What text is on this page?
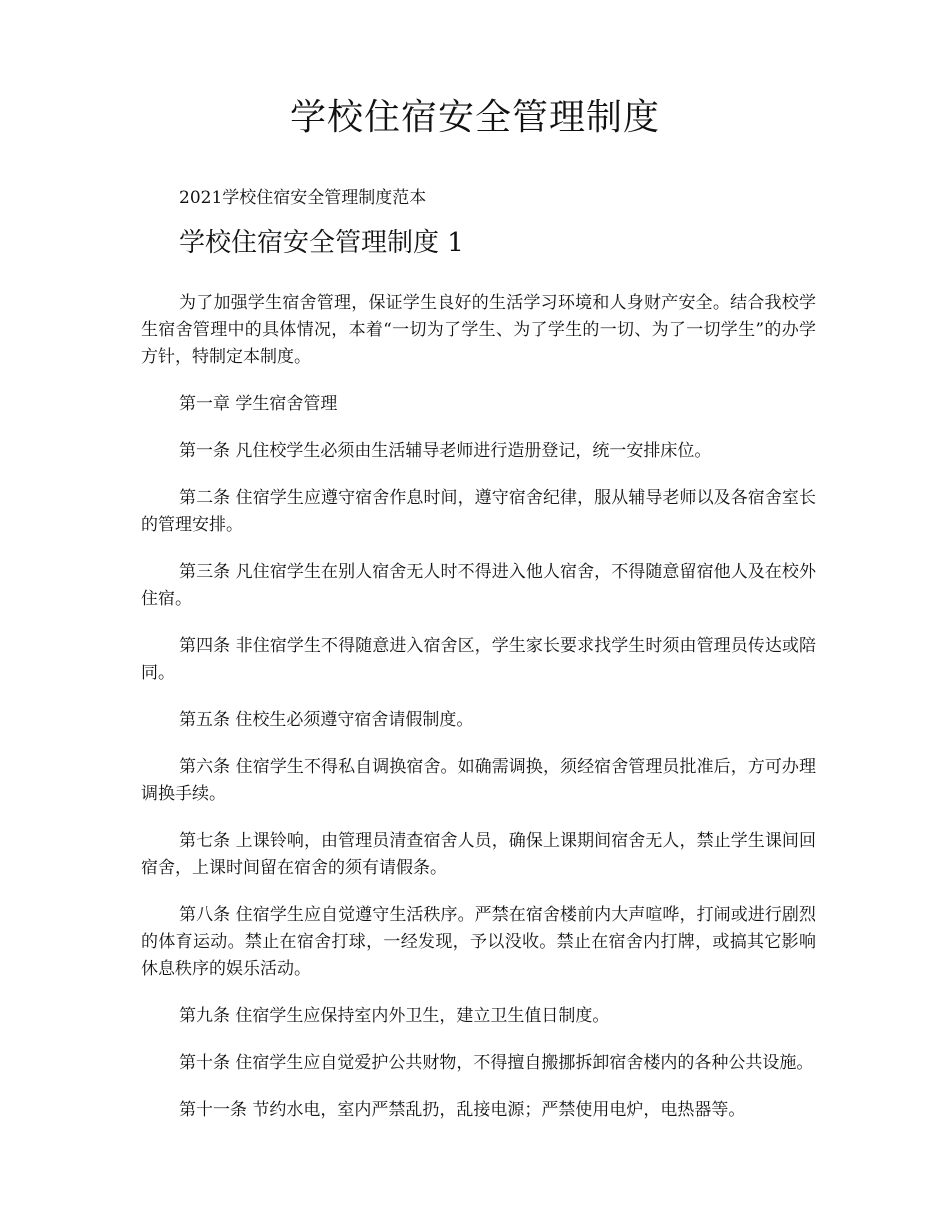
学校住宿安全管理制度

2021学校住宿安全管理制度范本

学校住宿安全管理制度 1

为了加强学生宿舍管理，保证学生良好的生活学习环境和人身财产安全。结合我校学生宿舍管理中的具体情况，本着“一切为了学生、为了学生的一切、为了一切学生”的办学方针，特制定本制度。

第一章 学生宿舍管理

第一条 凡住校学生必须由生活辅导老师进行造册登记，统一安排床位。

第二条 住宿学生应遵守宿舍作息时间，遵守宿舍纪律，服从辅导老师以及各宿舍室长的管理安排。

第三条 凡住宿学生在别人宿舍无人时不得进入他人宿舍，不得随意留宿他人及在校外住宿。

第四条 非住宿学生不得随意进入宿舍区，学生家长要求找学生时须由管理员传达或陪同。

第五条 住校生必须遵守宿舍请假制度。

第六条 住宿学生不得私自调换宿舍。如确需调换，须经宿舍管理员批准后，方可办理调换手续。

第七条 上课铃响，由管理员清查宿舍人员，确保上课期间宿舍无人，禁止学生课间回宿舍，上课时间留在宿舍的须有请假条。

第八条 住宿学生应自觉遵守生活秩序。严禁在宿舍楼前内大声喧哗，打闹或进行剧烈的体育运动。禁止在宿舍打球，一经发现，予以没收。禁止在宿舍内打牌，或搞其它影响休息秩序的娱乐活动。

第九条 住宿学生应保持室内外卫生，建立卫生值日制度。

第十条 住宿学生应自觉爱护公共财物，不得擅自搬挪拆卸宿舍楼内的各种公共设施。

第十一条 节约水电，室内严禁乱扔，乱接电源；严禁使用电炉，电热器等。
